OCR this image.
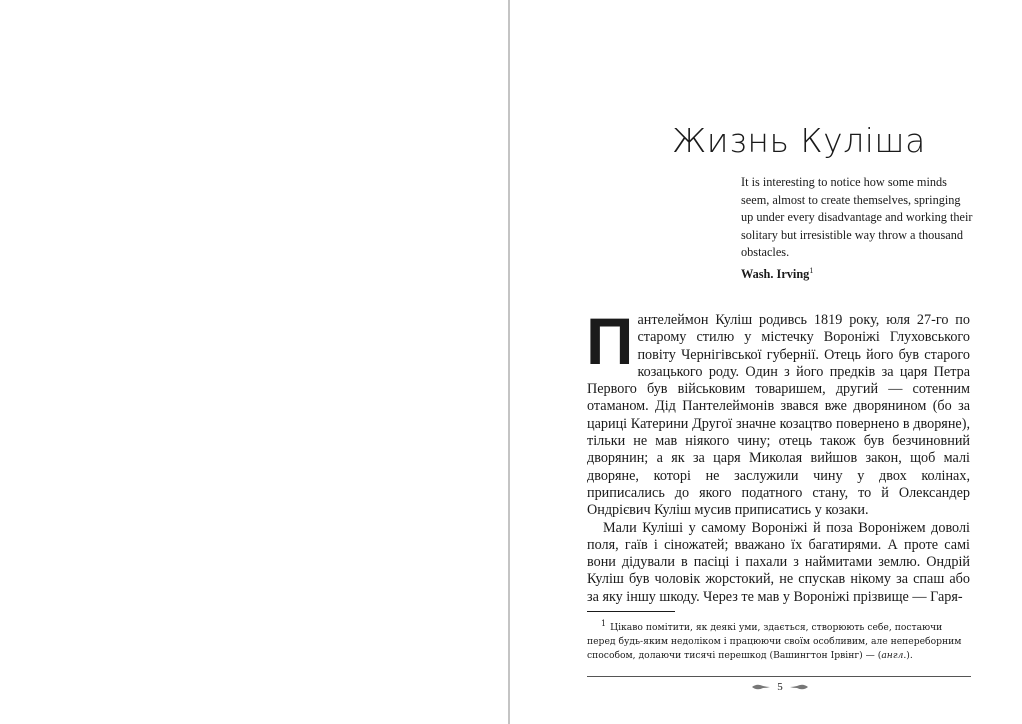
Жизнь Куліша
It is interesting to notice how some minds seem, almost to create themselves, springing up under every disadvantage and working their solitary but irresistible way throw a thousand obstacles.
Wash. Irving$^1$

Пантелеймон Куліш родивсь 1819 року, юля 27-го по старому стилю у містечку Вороніжі Глуховського повіту Чернігівської губернії. Отець його був старого козацького роду. Один з його предків за царя Петра Первого був військовим товаришем, другий — сотенним отаманом. Дід Пантелеймонів звався вже дворянином (бо за цариці Катерини Другої значне козацтво повернено в дворяне), тільки не мав ніякого чину; отець також був безчиновний дворянин; а як за царя Миколая вийшов закон, щоб малі дворяне, которі не заслужили чину у двох колінах, приписались до якого податного стану, то й Олександер Ондрієвич Куліш мусив приписатись у козаки.

Мали Куліші у самому Вороніжі й поза Вороніжем доволі поля, гаїв і сіножатей; вважано їх багатирями. А проте самі вони дідували в пасіці і пахали з наймитами землю. Ондрій Куліш був чоловік жорстокий, не спускав нікому за спаш або за яку іншу шкоду. Через те мав у Вороніжі прізвище — Гаря-

1 Цікаво помітити, як деякі уми, здається, створюють себе, постаючи перед будь-яким недоліком і працюючи своїм особливим, але непереборним способом, долаючи тисячі перешкод (Вашингтон Ірвінг) — (англ.).
5
